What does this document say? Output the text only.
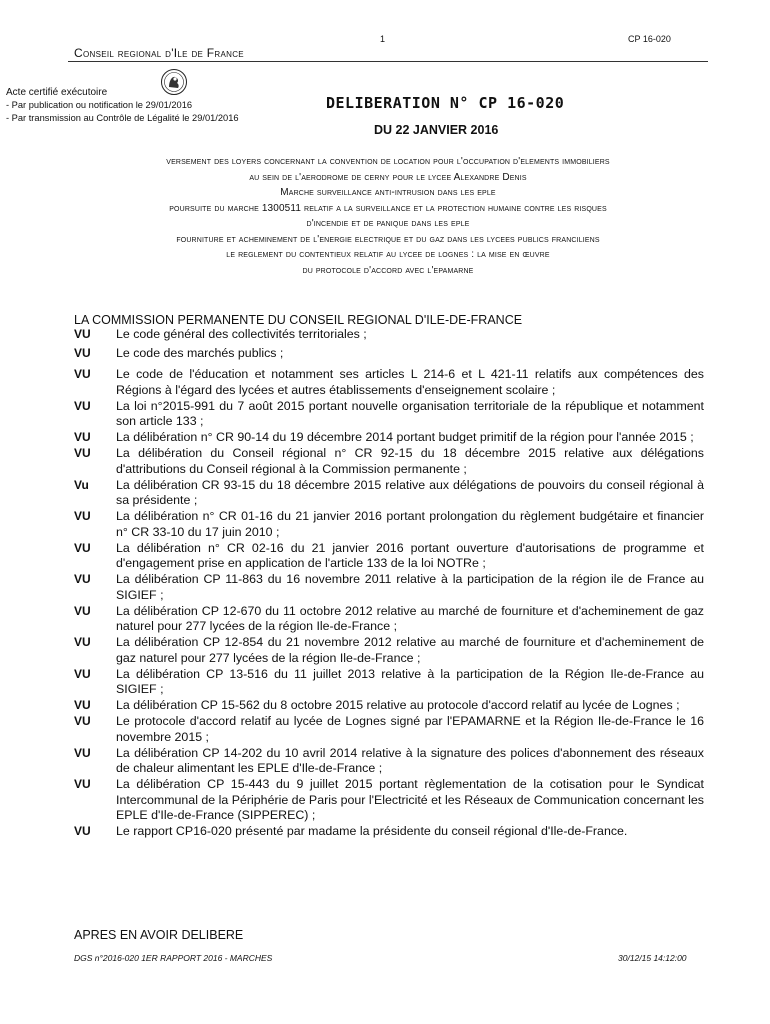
1	CP 16-020
Conseil regional d'Ile de France
Acte certifié exécutoire
- Par publication ou notification le 29/01/2016
- Par transmission au Contrôle de Légalité le 29/01/2016
DELIBERATION N° CP 16-020
DU 22 JANVIER 2016
versement des loyers concernant la convention de location pour l'occupation d'elements immobiliers
au sein de l'aerodrome de cerny pour le lycee Alexandre Denis
Marche surveillance anti-intrusion dans les eple
poursuite du marche 1300511 relatif a la surveillance et la protection humaine contre les risques
d'incendie et de panique dans les eple
fourniture et acheminement de l'energie electrique et du gaz dans les lycees publics franciliens
le reglement du contentieux relatif au lycee de lognes : la mise en œuvre
du protocole d'accord avec l'epamarne
LA COMMISSION PERMANENTE DU CONSEIL REGIONAL D'ILE-DE-FRANCE
VU	Le code général des collectivités territoriales ;
VU	Le code des marchés publics ;
VU	Le code de l'éducation et notamment ses articles L 214-6 et L 421-11 relatifs aux compétences des Régions à l'égard des lycées et autres établissements d'enseignement scolaire ;
VU	La loi n°2015-991 du 7 août 2015 portant nouvelle organisation territoriale de la république et notamment son article 133 ;
VU	La délibération n° CR 90-14 du 19 décembre 2014 portant budget primitif de la région pour l'année 2015 ;
VU	La délibération du Conseil régional n° CR 92-15 du 18 décembre 2015 relative aux délégations d'attributions du Conseil régional à la Commission permanente ;
Vu	La délibération CR 93-15 du 18 décembre 2015 relative aux délégations de pouvoirs du conseil régional à sa présidente ;
VU	La délibération n° CR 01-16 du 21 janvier 2016 portant prolongation du règlement budgétaire et financier n° CR 33-10 du 17 juin 2010 ;
VU	La délibération n° CR 02-16 du 21 janvier 2016 portant ouverture d'autorisations de programme et d'engagement prise en application de l'article 133 de la loi NOTRe ;
VU	La délibération CP 11-863 du 16 novembre 2011 relative à la participation de la région ile de France au SIGIEF ;
VU	La délibération CP 12-670 du 11 octobre 2012 relative au marché de fourniture et d'acheminement de gaz naturel pour 277 lycées de la région Ile-de-France ;
VU	La délibération CP 12-854 du 21 novembre 2012 relative au marché de fourniture et d'acheminement de gaz naturel pour 277 lycées de la région Ile-de-France ;
VU	La délibération CP 13-516 du 11 juillet 2013 relative à la participation de la Région Ile-de-France au SIGIEF ;
VU	La délibération CP 15-562 du 8 octobre 2015 relative au protocole d'accord relatif au lycée de Lognes ;
VU	Le protocole d'accord relatif au lycée de Lognes signé par l'EPAMARNE et la Région Ile-de-France le 16 novembre 2015 ;
VU	La délibération CP 14-202 du 10 avril 2014 relative à la signature des polices d'abonnement des réseaux de chaleur alimentant les EPLE d'Ile-de-France ;
VU	La délibération CP 15-443 du 9 juillet 2015 portant règlementation de la cotisation pour le Syndicat Intercommunal de la Périphérie de Paris pour l'Electricité et les Réseaux de Communication concernant les EPLE d'Ile-de-France (SIPPEREC) ;
VU	Le rapport CP16-020 présenté par madame la présidente du conseil régional d'Ile-de-France.
APRES EN AVOIR DELIBERE
DGS n°2016-020 1ER RAPPORT 2016 - MARCHES	30/12/15 14:12:00
